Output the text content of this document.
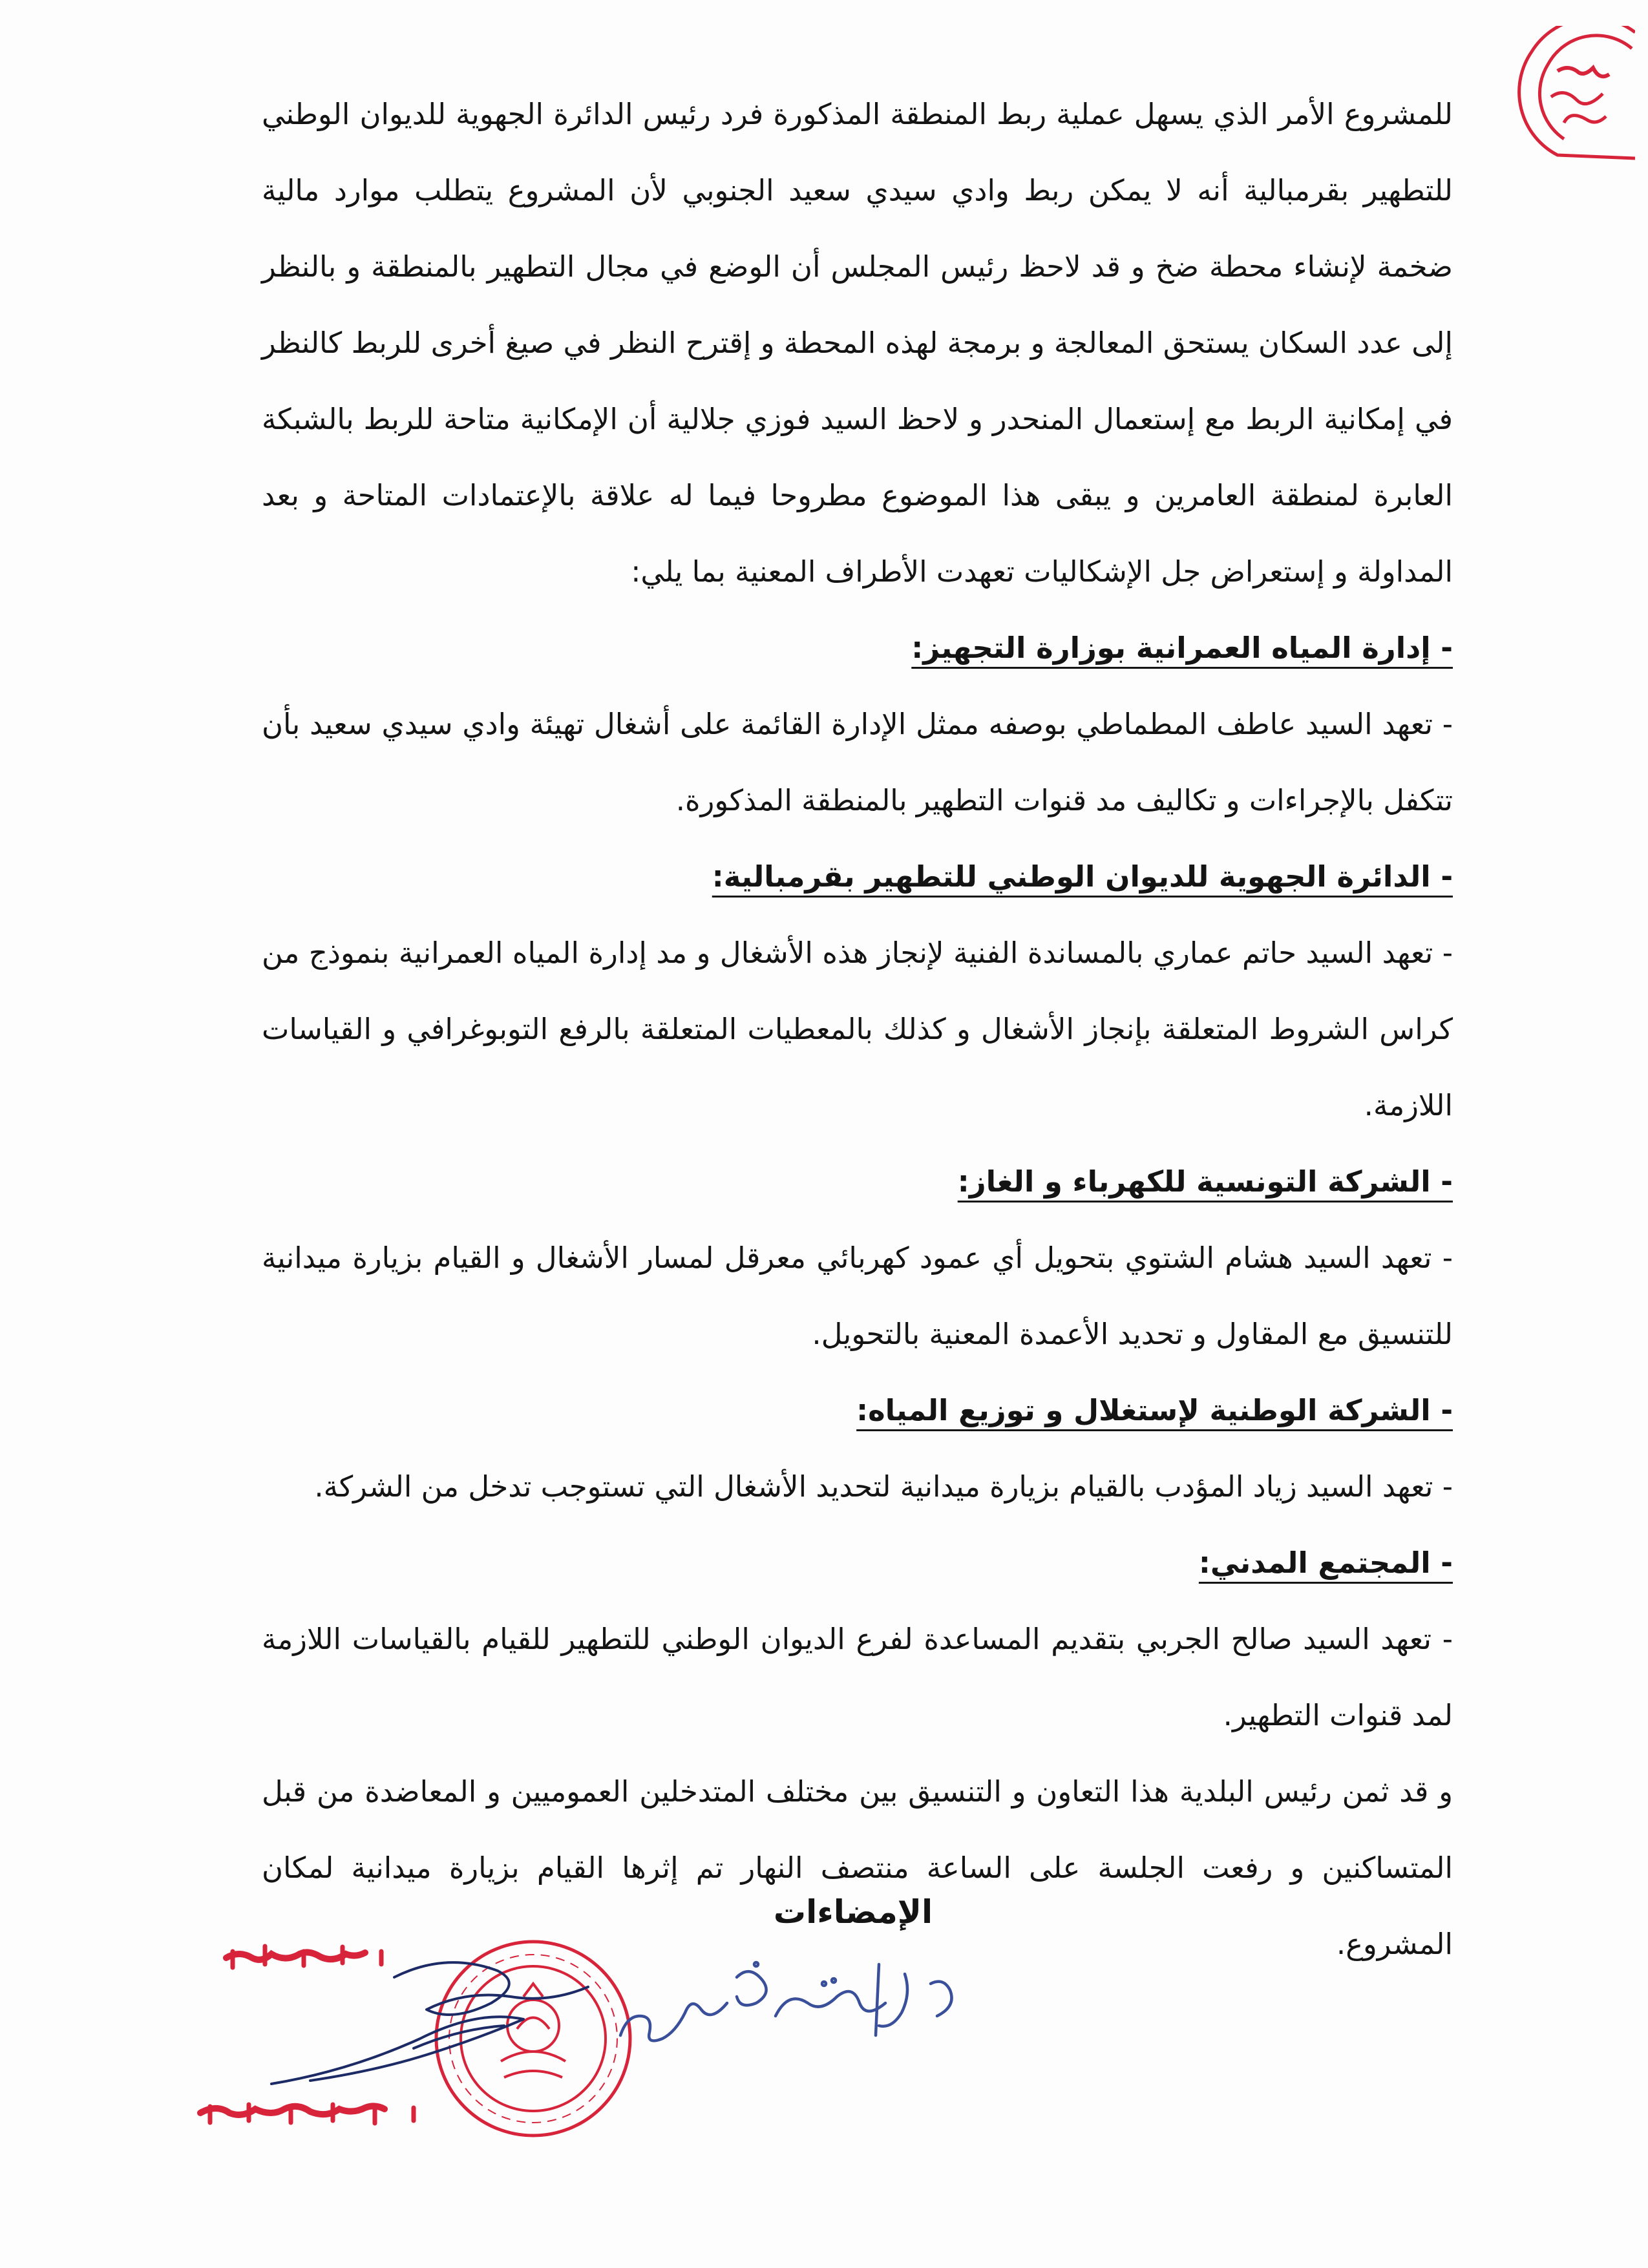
للمشروع الأمر الذي يسهل عملية ربط المنطقة المذكورة فرد رئيس الدائرة الجهوية للديوان الوطني للتطهير بقرمبالية أنه لا يمكن ربط وادي سيدي سعيد الجنوبي لأن المشروع يتطلب موارد مالية ضخمة لإنشاء محطة ضخ و قد لاحظ رئيس المجلس أن الوضع في مجال التطهير بالمنطقة و بالنظر إلى عدد السكان يستحق المعالجة و برمجة لهذه المحطة و إقترح النظر في صيغ أخرى للربط كالنظر في إمكانية الربط مع إستعمال المنحدر و لاحظ السيد فوزي جلالية أن الإمكانية متاحة للربط بالشبكة العابرة لمنطقة العامرين و يبقى هذا الموضوع مطروحا فيما له علاقة بالإعتمادات المتاحة و بعد المداولة و إستعراض جل الإشكاليات تعهدت الأطراف المعنية بما يلي:

- إدارة المياه العمرانية بوزارة التجهيز:

- تعهد السيد عاطف المطماطي بوصفه ممثل الإدارة القائمة على أشغال تهيئة وادي سيدي سعيد بأن تتكفل بالإجراءات و تكاليف مد قنوات التطهير بالمنطقة المذكورة.

- الدائرة الجهوية للديوان الوطني للتطهير بقرمبالية:

- تعهد السيد حاتم عماري بالمساندة الفنية لإنجاز هذه الأشغال و مد إدارة المياه العمرانية بنموذج من كراس الشروط المتعلقة بإنجاز الأشغال و كذلك بالمعطيات المتعلقة بالرفع التوبوغرافي و القياسات اللازمة.

- الشركة التونسية للكهرباء و الغاز:

- تعهد السيد هشام الشتوي بتحويل أي عمود كهربائي معرقل لمسار الأشغال و القيام بزيارة ميدانية للتنسيق مع المقاول و تحديد الأعمدة المعنية بالتحويل.

- الشركة الوطنية لإستغلال و توزيع المياه:

- تعهد السيد زياد المؤدب بالقيام بزيارة ميدانية لتحديد الأشغال التي تستوجب تدخل من الشركة.

- المجتمع المدني:

- تعهد السيد صالح الجربي بتقديم المساعدة لفرع الديوان الوطني للتطهير للقيام بالقياسات اللازمة لمد قنوات التطهير.

و قد ثمن رئيس البلدية هذا التعاون و التنسيق بين مختلف المتدخلين العموميين و المعاضدة من قبل المتساكنين و رفعت الجلسة على الساعة منتصف النهار تم إثرها القيام بزيارة ميدانية لمكان المشروع.

الإمضاءات
